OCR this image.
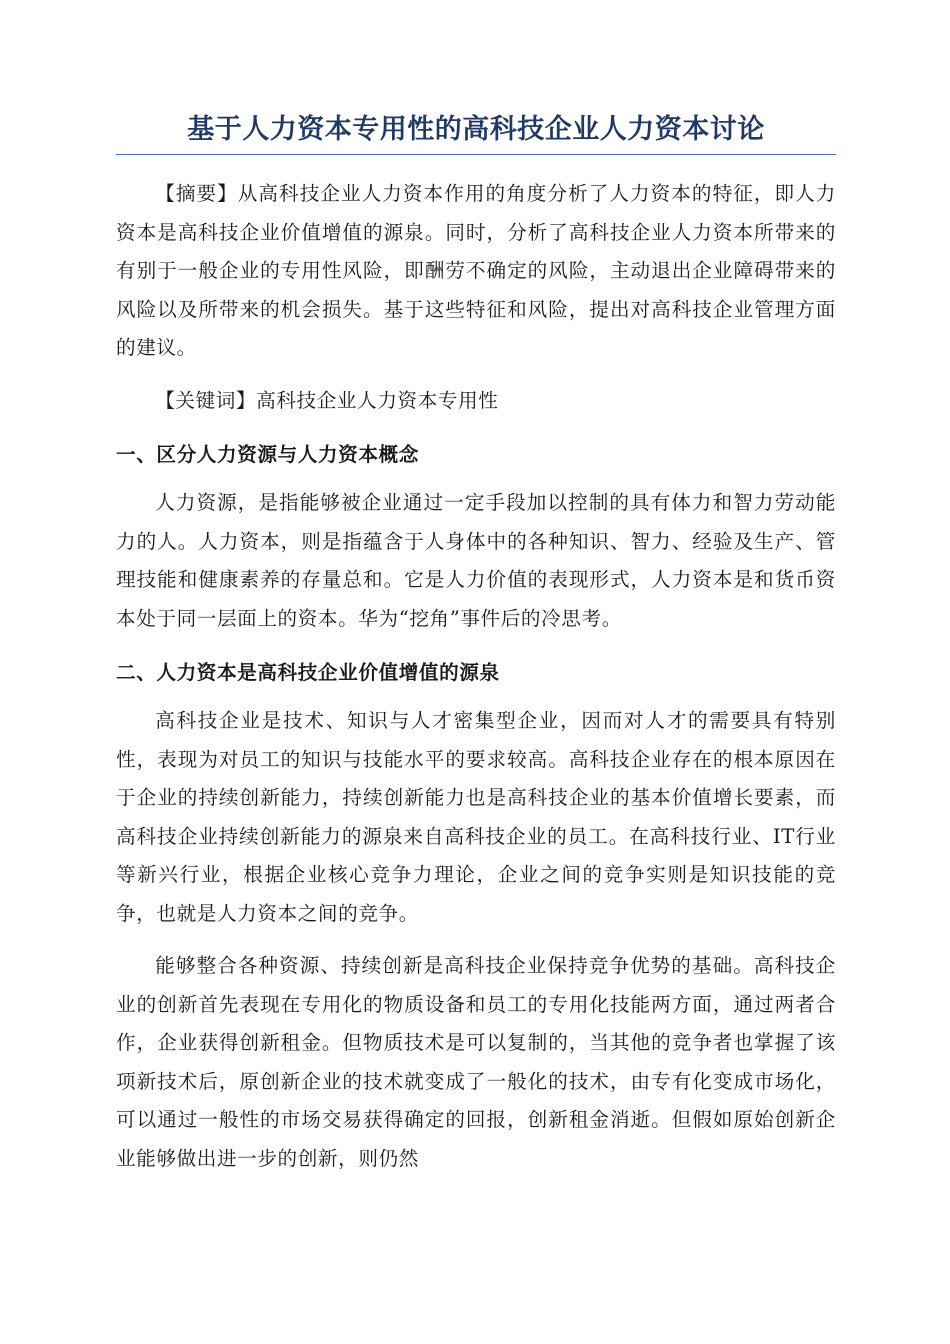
基于人力资本专用性的高科技企业人力资本讨论

【摘要】从高科技企业人力资本作用的角度分析了人力资本的特征，即人力资本是高科技企业价值增值的源泉。同时，分析了高科技企业人力资本所带来的有别于一般企业的专用性风险，即酬劳不确定的风险，主动退出企业障碍带来的风险以及所带来的机会损失。基于这些特征和风险，提出对高科技企业管理方面的建议。

【关键词】高科技企业人力资本专用性

一、区分人力资源与人力资本概念

人力资源，是指能够被企业通过一定手段加以控制的具有体力和智力劳动能力的人。人力资本，则是指蕴含于人身体中的各种知识、智力、经验及生产、管理技能和健康素养的存量总和。它是人力价值的表现形式，人力资本是和货币资本处于同一层面上的资本。华为“挖角”事件后的冷思考。

二、人力资本是高科技企业价值增值的源泉

高科技企业是技术、知识与人才密集型企业，因而对人才的需要具有特别性，表现为对员工的知识与技能水平的要求较高。高科技企业存在的根本原因在于企业的持续创新能力，持续创新能力也是高科技企业的基本价值增长要素，而高科技企业持续创新能力的源泉来自高科技企业的员工。在高科技行业、IT行业等新兴行业，根据企业核心竞争力理论，企业之间的竞争实则是知识技能的竞争，也就是人力资本之间的竞争。

能够整合各种资源、持续创新是高科技企业保持竞争优势的基础。高科技企业的创新首先表现在专用化的物质设备和员工的专用化技能两方面，通过两者合作，企业获得创新租金。但物质技术是可以复制的，当其他的竞争者也掌握了该项新技术后，原创新企业的技术就变成了一般化的技术，由专有化变成市场化，可以通过一般性的市场交易获得确定的回报，创新租金消逝。但假如原始创新企业能够做出进一步的创新，则仍然
